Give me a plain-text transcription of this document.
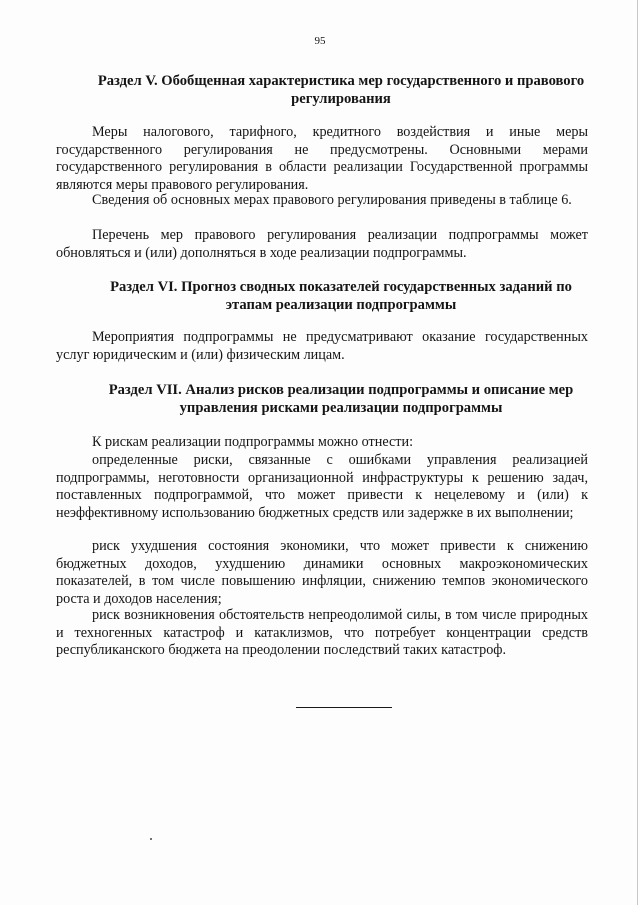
95
Раздел V. Обобщенная характеристика мер государственного и правового регулирования

Меры налогового, тарифного, кредитного воздействия и иные меры государственного регулирования не предусмотрены. Основными мерами государственного регулирования в области реализации Государственной программы являются меры правового регулирования.

Сведения об основных мерах правового регулирования приведены в таблице 6.

Перечень мер правового регулирования реализации подпрограммы может обновляться и (или) дополняться в ходе реализации подпрограммы.

Раздел VI. Прогноз сводных показателей государственных заданий по этапам реализации подпрограммы

Мероприятия подпрограммы не предусматривают оказание государственных услуг юридическим и (или) физическим лицам.

Раздел VII. Анализ рисков реализации подпрограммы и описание мер управления рисками реализации подпрограммы

К рискам реализации подпрограммы можно отнести:

определенные риски, связанные с ошибками управления реализацией подпрограммы, неготовности организационной инфраструктуры к решению задач, поставленных подпрограммой, что может привести к нецелевому и (или) к неэффективному использованию бюджетных средств или задержке в их выполнении;

риск ухудшения состояния экономики, что может привести к снижению бюджетных доходов, ухудшению динамики основных макроэкономических показателей, в том числе повышению инфляции, снижению темпов экономического роста и доходов населения;

риск возникновения обстоятельств непреодолимой силы, в том числе природных и техногенных катастроф и катаклизмов, что потребует концентрации средств республиканского бюджета на преодолении последствий таких катастроф.
